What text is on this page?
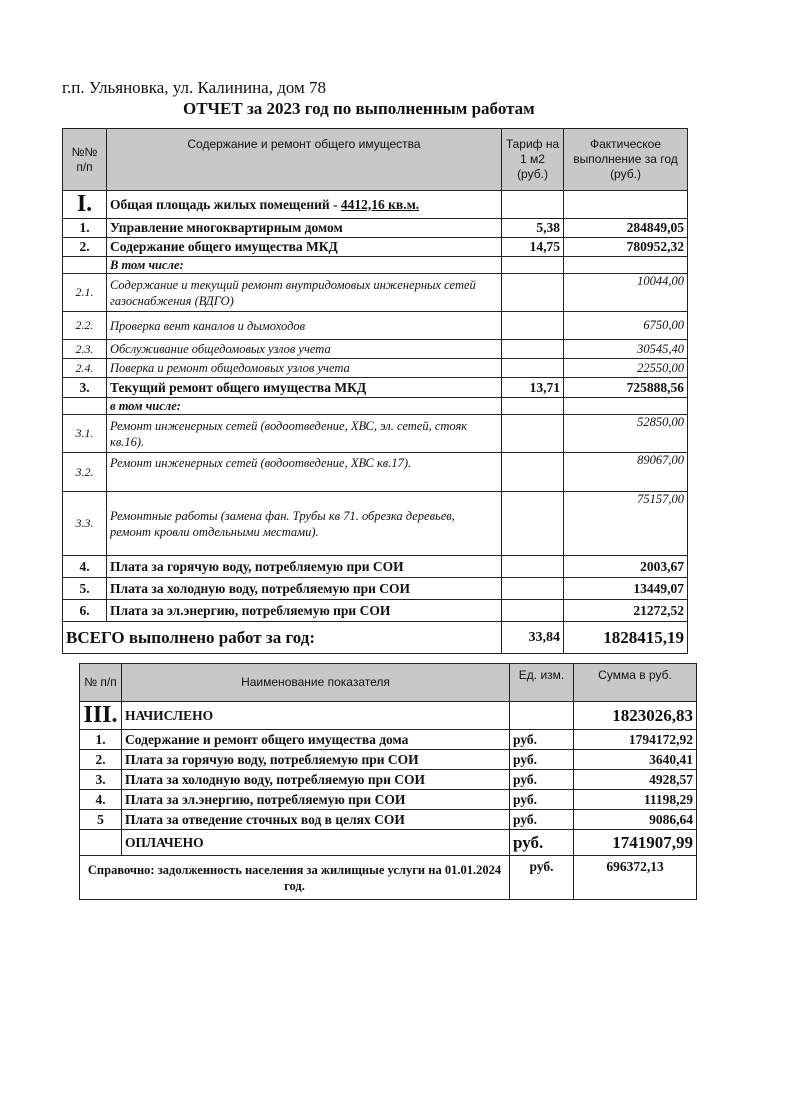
г.п. Ульяновка, ул. Калинина, дом 78
ОТЧЕТ за 2023 год по выполненным работам
№№ п/п	Содержание и ремонт общего имущества	Тариф на 1 м2 (руб.)	Фактическое выполнение за год (руб.)
I.	Общая площадь жилых помещений - 4412,16 кв.м.		
1.	Управление многоквартирным домом	5,38	284849,05
2.	Содержание общего имущества МКД	14,75	780952,32
	В том числе:		
2.1.	Содержание и текущий ремонт внутридомовых инженерных сетей газоснабжения (ВДГО)		10044,00
2.2.	Проверка вент каналов и дымоходов		6750,00
2.3.	Обслуживание общедомовых узлов учета		30545,40
2.4.	Поверка и ремонт общедомовых узлов учета		22550,00
3.	Текущий ремонт общего имущества МКД	13,71	725888,56
	в том числе:		
3.1.	Ремонт инженерных сетей (водоотведение, ХВС, эл. сетей, стояк кв.16).		52850,00
3.2.	Ремонт инженерных сетей (водоотведение, ХВС кв.17).		89067,00
3.3.	Ремонтные работы (замена фан. Трубы кв 71. обрезка деревьев, ремонт кровли отдельными местами).		75157,00
4.	Плата за горячую воду, потребляемую при СОИ		2003,67
5.	Плата за холодную воду, потребляемую при СОИ		13449,07
6.	Плата за эл.энергию, потребляемую при СОИ		21272,52
ВСЕГО выполнено работ за год:		33,84	1828415,19
№ п/п	Наименование показателя	Ед. изм.	Сумма в руб.
III.	НАЧИСЛЕНО		1823026,83
1.	Содержание и ремонт общего имущества дома	руб.	1794172,92
2.	Плата за горячую воду, потребляемую при СОИ	руб.	3640,41
3.	Плата за холодную воду, потребляемую при СОИ	руб.	4928,57
4.	Плата за эл.энергию, потребляемую при СОИ	руб.	11198,29
5	Плата за отведение сточных вод в целях СОИ	руб.	9086,64
	ОПЛАЧЕНО	руб.	1741907,99
Справочно: задолженность населения за жилищные услуги на 01.01.2024 год.		руб.	696372,13
